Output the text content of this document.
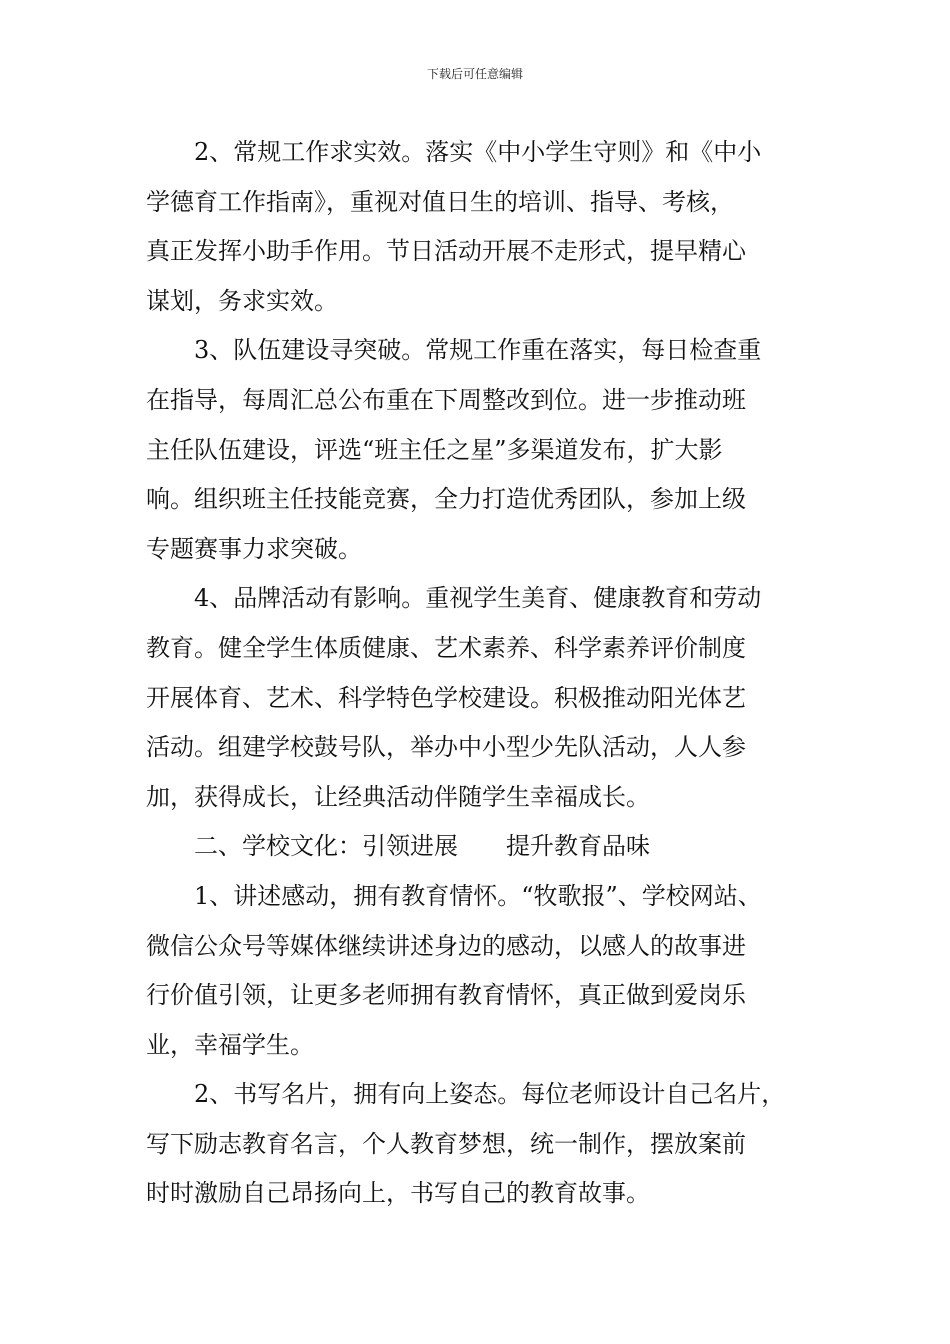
下载后可任意编辑
2、常规工作求实效。落实《中小学生守则》和《中小
学德育工作指南》，重视对值日生的培训、指导、考核，
真正发挥小助手作用。节日活动开展不走形式，提早精心
谋划，务求实效。
3、队伍建设寻突破。常规工作重在落实，每日检查重
在指导，每周汇总公布重在下周整改到位。进一步推动班
主任队伍建设，评选“班主任之星”多渠道发布，扩大影
响。组织班主任技能竞赛，全力打造优秀团队，参加上级
专题赛事力求突破。
4、品牌活动有影响。重视学生美育、健康教育和劳动
教育。健全学生体质健康、艺术素养、科学素养评价制度
开展体育、艺术、科学特色学校建设。积极推动阳光体艺
活动。组建学校鼓号队，举办中小型少先队活动，人人参
加，获得成长，让经典活动伴随学生幸福成长。
二、学校文化：引领进展　　提升教育品味
1、讲述感动，拥有教育情怀。“牧歌报”、学校网站、
微信公众号等媒体继续讲述身边的感动，以感人的故事进
行价值引领，让更多老师拥有教育情怀，真正做到爱岗乐
业，幸福学生。
2、书写名片，拥有向上姿态。每位老师设计自己名片，
写下励志教育名言，个人教育梦想，统一制作，摆放案前
时时激励自己昂扬向上，书写自己的教育故事。
